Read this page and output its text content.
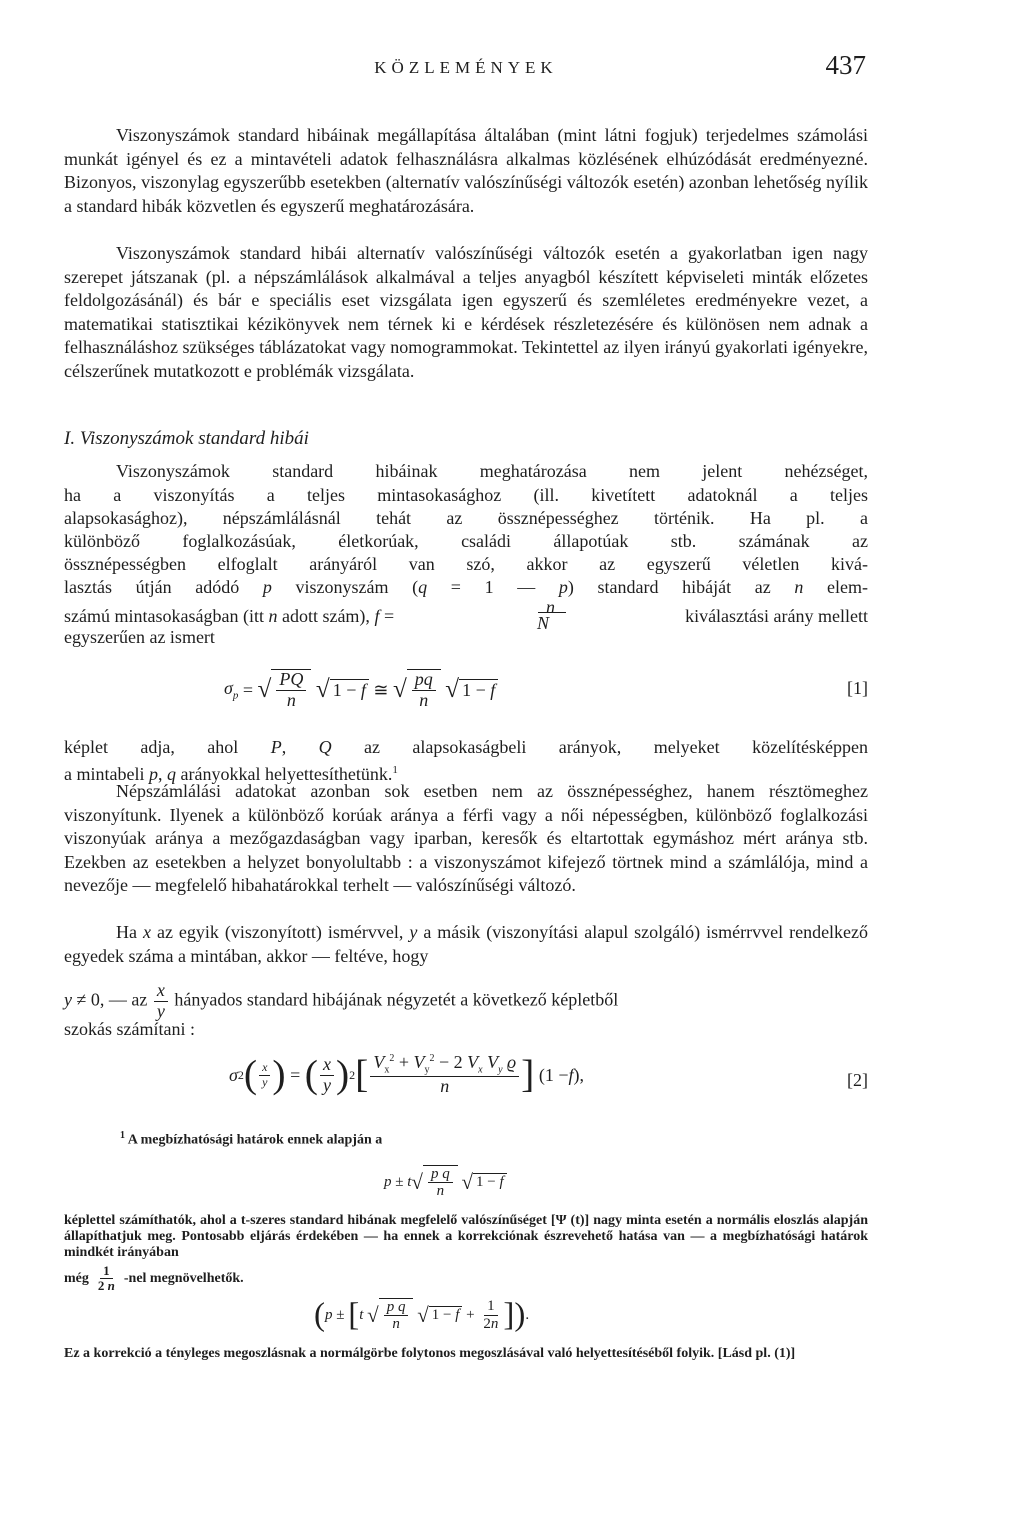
KÖZLEMÉNYEK	437

Viszonyszámok standard hibáinak megállapítása általában (mint látni fogjuk) terjedelmes számolási munkát igényel és ez a mintavételi adatok felhasználásra alkalmas közlésének elhúzódását eredményezné. Bizonyos, viszonylag egyszerűbb esetekben (alternatív valószínűségi változók esetén) azonban lehetőség nyílik a standard hibák közvetlen és egyszerű meghatározására.

Viszonyszámok standard hibái alternatív valószínűségi változók esetén a gyakorlatban igen nagy szerepet játszanak (pl. a népszámlálások alkalmával a teljes anyagból készített képviseleti minták előzetes feldolgozásánál) és bár e speciális eset vizsgálata igen egyszerű és szemléletes eredményekre vezet, a matematikai statisztikai kézikönyvek nem térnek ki e kérdések részletezésére és különösen nem adnak a felhasználáshoz szükséges táblázatokat vagy nomogrammokat. Tekintettel az ilyen irányú gyakorlati igényekre, célszerűnek mutatkozott e problémák vizsgálata.

I. Viszonyszámok standard hibái
Viszonyszámok standard hibáinak meghatározása nem jelent nehézséget,
ha a viszonyítás a teljes mintasokasághoz (ill. kivetített adatoknál a teljes
alapsokasághoz), népszámlálásnál tehát az össznépességhez történik. Ha pl. a
különböző foglalkozásúak, életkorúak, családi állapotúak stb. számának az
össznépességben elfoglalt arányáról van szó, akkor az egyszerű véletlen kivá-
lasztás útján adódó p viszonyszám (q = 1 — p) standard hibáját az n elem-
n
számú mintasokaságban (itt n adott szám), f =	N	kiválasztási arány mellett
egyszerűen az ismert
$\sigma_p$ = √ $\frac{PQ}{n}$
√ 1 − f ≅ √ $\frac{pq}{n}$
√ 1 − f	[1]
képlet adja, ahol P, Q az alapsokaságbeli arányok, melyeket közelítésképpen
a mintabeli p, q arányokkal helyettesíthetünk.$^1$

Népszámlálási adatokat azonban sok esetben nem az össznépességhez, hanem résztömeghez viszonyítunk. Ilyenek a különböző korúak aránya a férfi vagy a női népességben, különböző foglalkozási viszonyúak aránya a mezőgazdaságban vagy iparban, keresők és eltartottak egymáshoz mért aránya stb. Ezekben az esetekben a helyzet bonyolultabb : a viszonyszámot kifejező törtnek mind a számlálója, mind a nevezője — megfelelő hibahatárokkal terhelt — valószínűségi változó.

Ha x az egyik (viszonyított) ismérvvel, y a másik (viszonyítási alapul szolgáló) ismérrvvel rendelkező egyedek száma a mintában, akkor — feltéve, hogy

y ≠ 0, — az $\frac{x}{y}$ hányados standard hibájának négyzetét a következő képletből
szokás számítani :
σ 2 ( $\frac{x}{y}$ ) = ( $\frac{x}{y}$ ) 2 [ $\frac{V_x^2 + V_y^2 - 2 V_x V_y ϱ}{n}$ ] (1 − f ),	[2]
$^1$ A megbízhatósági határok ennek alapján a
p ± t √ $\frac{\text{p q}}{n}$
√ 1 − f

képlettel számíthatók, ahol a t-szeres standard hibának megfelelő valószínűséget [Ψ (t)] nagy minta esetén a normális eloszlás alapján állapíthatjuk meg. Pontosabb eljárás érdekében — ha ennek a korrekciónak észrevehető hatása van — a megbízhatósági határok mindkét irányában

még $\frac{1}{2 n} -nel$ megnövelhetők.
( p ± [ t
√ $\frac{\text{p q}}{n}$
√ $1 - f + \frac{1}{2n}$ ] ) .

Ez a korrekció a tényleges megoszlásnak a normálgörbe folytonos megoszlásával való helyettesítéséből folyik. [Lásd pl. (1)]
